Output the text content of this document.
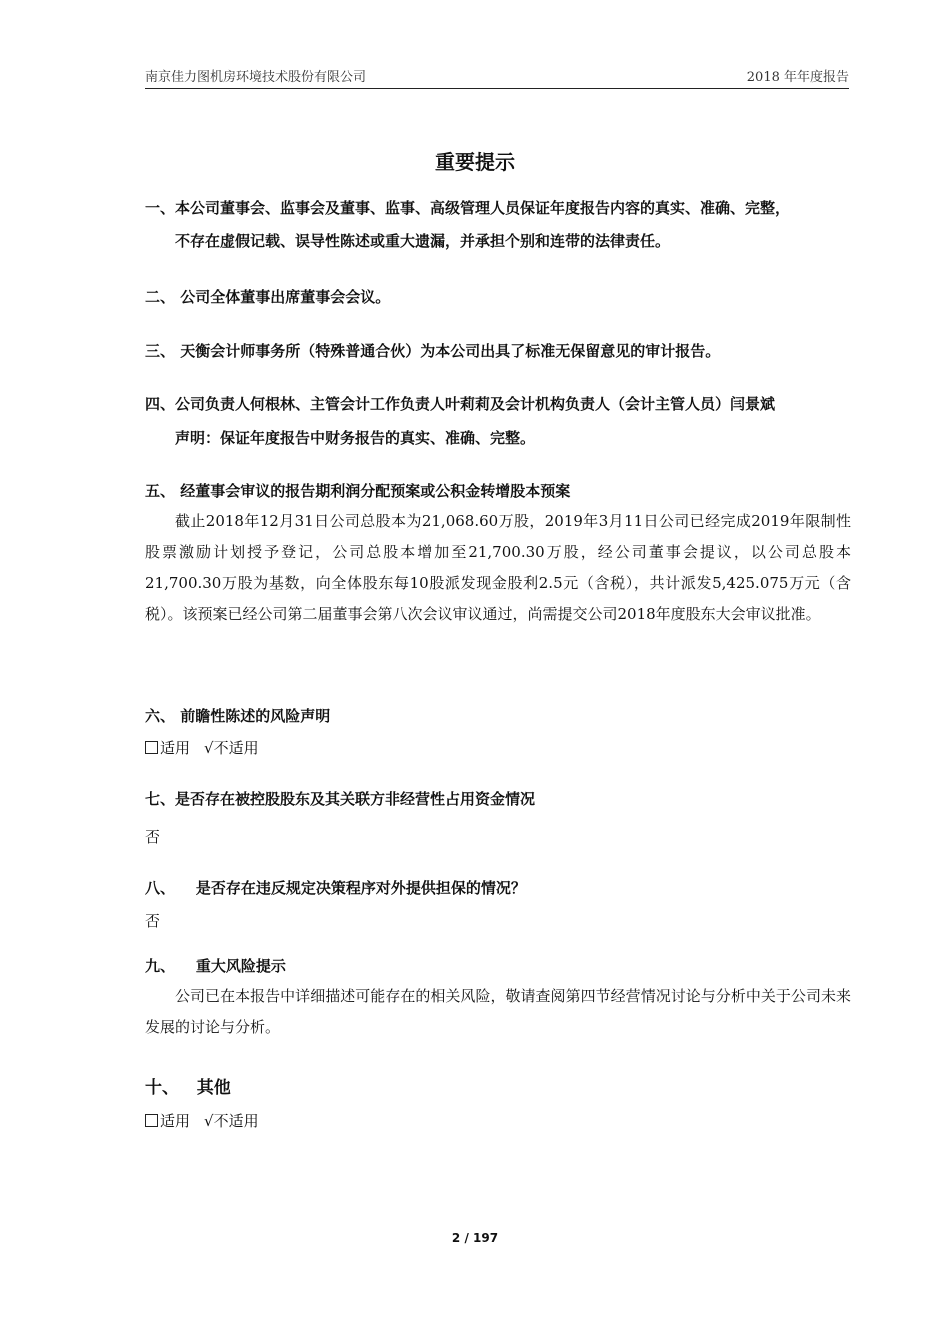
南京佳力图机房环境技术股份有限公司	2018 年年度报告
重要提示
一、本公司董事会、监事会及董事、监事、高级管理人员保证年度报告内容的真实、准确、完整，
不存在虚假记载、误导性陈述或重大遗漏，并承担个别和连带的法律责任。
二、 公司全体董事出席董事会会议。
三、 天衡会计师事务所（特殊普通合伙）为本公司出具了标准无保留意见的审计报告。
四、公司负责人何根林、主管会计工作负责人叶莉莉及会计机构负责人（会计主管人员）闫景斌
声明：保证年度报告中财务报告的真实、准确、完整。
五、 经董事会审议的报告期利润分配预案或公积金转增股本预案
截止2018年12月31日公司总股本为21,068.60万股，2019年3月11日公司已经完成2019年限制性股票激励计划授予登记，公司总股本增加至21,700.30万股，经公司董事会提议，以公司总股本21,700.30万股为基数，向全体股东每10股派发现金股利2.5元（含税），共计派发5,425.075万元（含税）。该预案已经公司第二届董事会第八次会议审议通过，尚需提交公司2018年度股东大会审议批准。
六、 前瞻性陈述的风险声明
适用 √不适用
七、是否存在被控股股东及其关联方非经营性占用资金情况
否
八、    是否存在违反规定决策程序对外提供担保的情况？
否
九、    重大风险提示
公司已在本报告中详细描述可能存在的相关风险，敬请查阅第四节经营情况讨论与分析中关于公司未来发展的讨论与分析。
十、   其他
适用 √不适用
2 / 197
